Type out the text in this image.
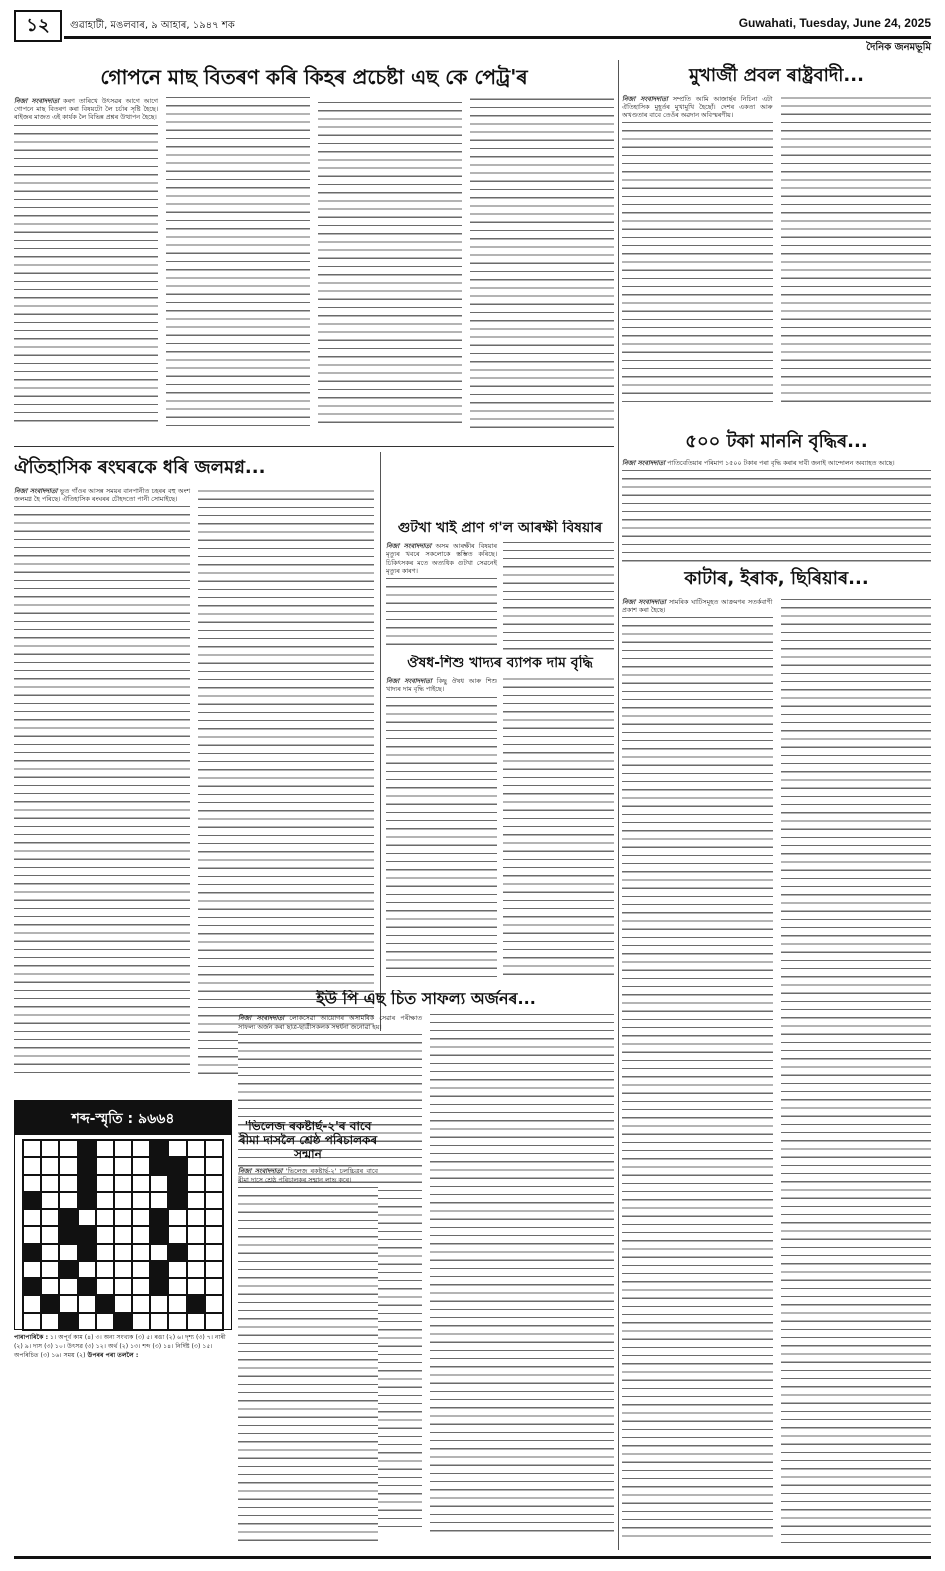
১২	গুৱাহাটী, মঙলবাৰ, ৯ আহাৰ, ১৯৪৭ শক	Guwahati, Tuesday, June 24, 2025
দৈনিক জনমভূমি
গোপনে মাছ বিতৰণ কৰি কিহৰ প্ৰচেষ্টা এছ কে পেট্ৰ'ৰ
নিজা সংবাদদাতা কৰণ তাৰিখে উৎসৱৰ আগে আগে গোপনে মাছ বিতৰণ কৰা বিষয়টো লৈ চৰ্চাৰ সৃষ্টি হৈছে। ৰাইজৰ মাজত এই কাৰ্যক লৈ বিভিন্ন প্ৰশ্নৰ উত্থাপন হৈছে।
মুখাৰ্জী প্ৰবল ৰাষ্ট্ৰবাদী...
নিজা সংবাদদাতা সম্প্ৰতি আমি আজাৰ্ছৰ নিচিনা এটা ঐতিহাসিক মুহূৰ্তৰ মুখামুখি হৈছোঁ। দেশৰ একতা আৰু অখণ্ডতাৰ বাবে তেওঁৰ অৱদান অবিস্মৰণীয়।
৫০০ টকা মাননি বৃদ্ধিৰ...
নিজা সংবাদদাতা পাতিবেতিয়াৰ পৰিমাণ ১৫০০ টকাৰ পৰা বৃদ্ধি কৰাৰ দাবী জনাই আন্দোলন অব্যাহত আছে।
ঐতিহাসিক ৰংঘৰকে ধৰি জলমগ্ন...
নিজা সংবাদদাতা ভুত গাঁওৰ আসন্ন সময়ৰ বানপানীত চহৰৰ বহু অংশ জলমগ্ন হৈ পৰিছে। ঐতিহাসিক ৰংঘৰৰ চৌহদতো পানী সোমাইছে।
গুটখা খাই প্ৰাণ গ'ল আৰক্ষী বিষয়াৰ
নিজা সংবাদদাতা অসম আৰক্ষীৰ বিষয়াৰ মৃত্যুৰ খবৰে সকলোকে স্তম্ভিত কৰিছে। চিকিৎসকৰ মতে অত্যধিক গুটখা সেৱনেই মৃত্যুৰ কাৰণ।	কাটাৰ, ইৰাক, ছিৰিয়াৰ...
নিজা সংবাদদাতা সামৰিক ঘাটিসমূহত আক্ৰমণৰ সতৰ্কবাণী প্ৰকাশ কৰা হৈছে।
ঔষধ-শিশু খাদ্যৰ ব্যাপক দাম বৃদ্ধি
নিজা সংবাদদাতা কিছু ঔষধ আৰু শিশু খাদ্যৰ দাম বৃদ্ধি পাইছে।
ইউ পি এছ চিত সাফল্য অৰ্জনৰ...
নিজা সংবাদদাতা লোকসেৱা আয়োগৰ অসামৰিক সেৱাৰ পৰীক্ষাত সাফল্য অৰ্জন কৰা ছাত্ৰ-ছাত্ৰীসকলক সম্বৰ্ধনা জনোৱা হয়।
'ভিলেজ ৰকষ্টাৰ্ছ-২'ৰ বাবে ৰীমা দাসলৈ শ্ৰেষ্ঠ পৰিচালকৰ সন্মান
নিজা সংবাদদাতা 'ভিলেজ ৰকষ্টাৰ্ছ-২' চলচ্চিত্ৰৰ বাবে ৰীমা দাসে শ্ৰেষ্ঠ পৰিচালকৰ সন্মান লাভ কৰে।
শব্দ-স্মৃতি : ৯৬৬৪
পাৰাপাৰিকৈ : ১। অপূৰ্ব কাম (৪) ৩। অন্য সংখ্যক (৩) ৫। ৰঙা (২) ৬। দৃশ্য (৩) ৭। নাৰী (২) ৯। দাস (৩) ১০। উৎসৱ (৩) ১২। অৰ্থ (২) ১৩। শব্দ (৩) ১৪। নিৰ্দিষ্ট (৩) ১৫। অপৰিচিত (৩) ১৬। সময় (২) উপৰৰ পৰা তললৈ :
